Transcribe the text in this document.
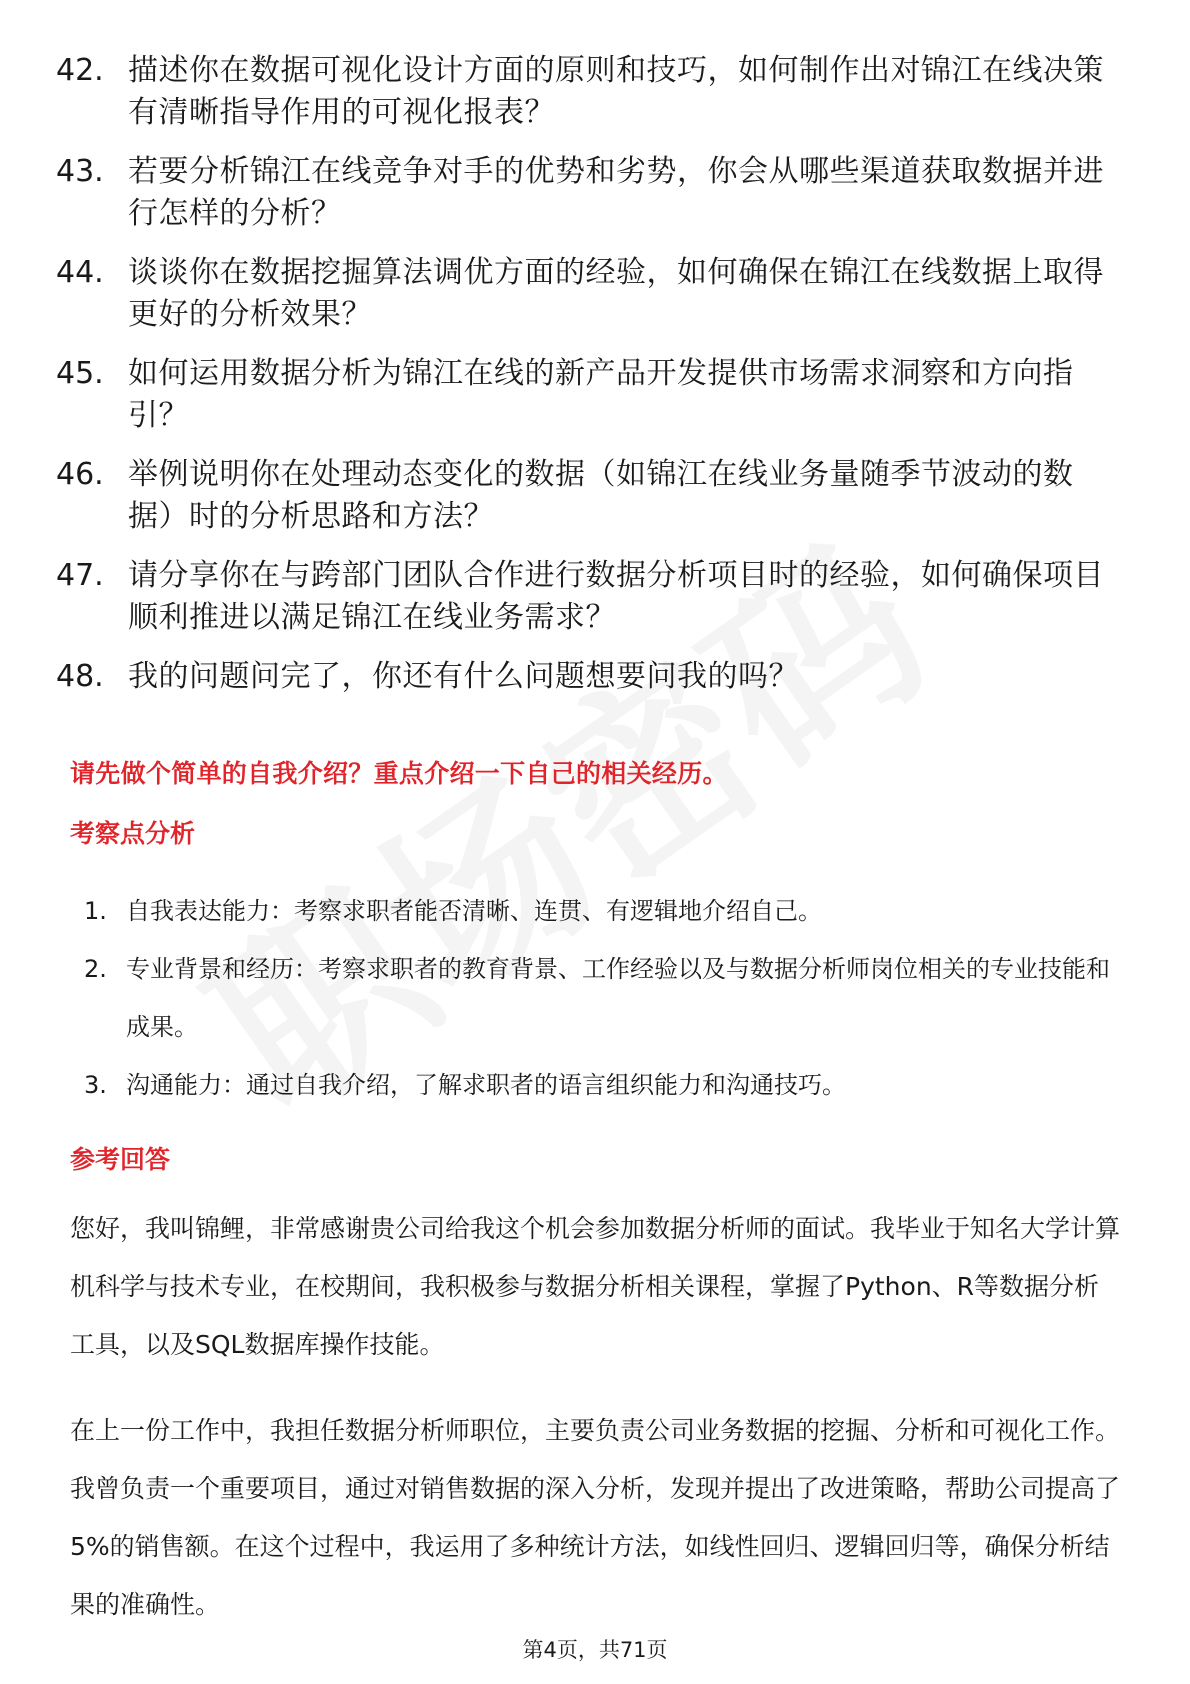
42. 描述你在数据可视化设计方面的原则和技巧，如何制作出对锦江在线决策有清晰指导作用的可视化报表？
43. 若要分析锦江在线竞争对手的优势和劣势，你会从哪些渠道获取数据并进行怎样的分析？
44. 谈谈你在数据挖掘算法调优方面的经验，如何确保在锦江在线数据上取得更好的分析效果？
45. 如何运用数据分析为锦江在线的新产品开发提供市场需求洞察和方向指引？
46. 举例说明你在处理动态变化的数据（如锦江在线业务量随季节波动的数据）时的分析思路和方法？
47. 请分享你在与跨部门团队合作进行数据分析项目时的经验，如何确保项目顺利推进以满足锦江在线业务需求？
48. 我的问题问完了，你还有什么问题想要问我的吗？
请先做个简单的自我介绍？重点介绍一下自己的相关经历。
考察点分析
1. 自我表达能力：考察求职者能否清晰、连贯、有逻辑地介绍自己。
2. 专业背景和经历：考察求职者的教育背景、工作经验以及与数据分析师岗位相关的专业技能和成果。
3. 沟通能力：通过自我介绍，了解求职者的语言组织能力和沟通技巧。
参考回答
您好，我叫锦鲤，非常感谢贵公司给我这个机会参加数据分析师的面试。我毕业于知名大学计算机科学与技术专业，在校期间，我积极参与数据分析相关课程，掌握了Python、R等数据分析工具，以及SQL数据库操作技能。
在上一份工作中，我担任数据分析师职位，主要负责公司业务数据的挖掘、分析和可视化工作。我曾负责一个重要项目，通过对销售数据的深入分析，发现并提出了改进策略，帮助公司提高了5%的销售额。在这个过程中，我运用了多种统计方法，如线性回归、逻辑回归等，确保分析结果的准确性。
第4页，共71页
